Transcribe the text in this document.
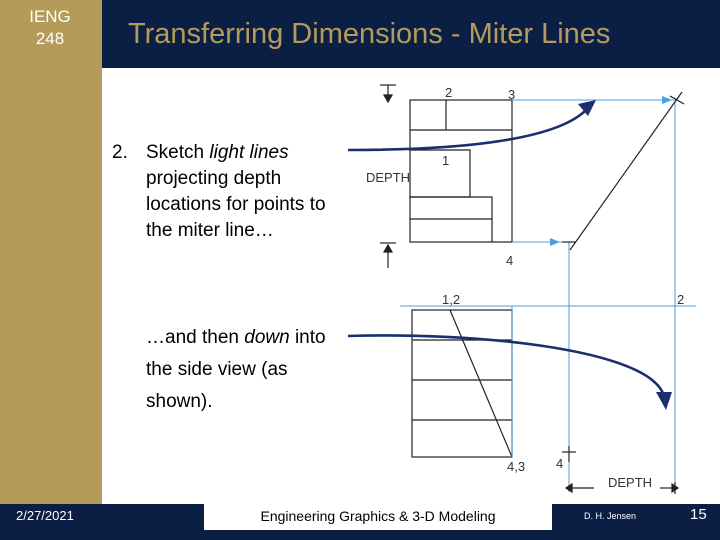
IENG
248	Transferring Dimensions - Miter Lines
2. Sketch light lines projecting depth locations for points to the miter line…
…and then down into the side view (as shown).
2	3
1
DEPTH
4
1,2	2
4,3 4
DEPTH
2/27/2021	Engineering Graphics & 3-D Modeling	D. H. Jensen	15
